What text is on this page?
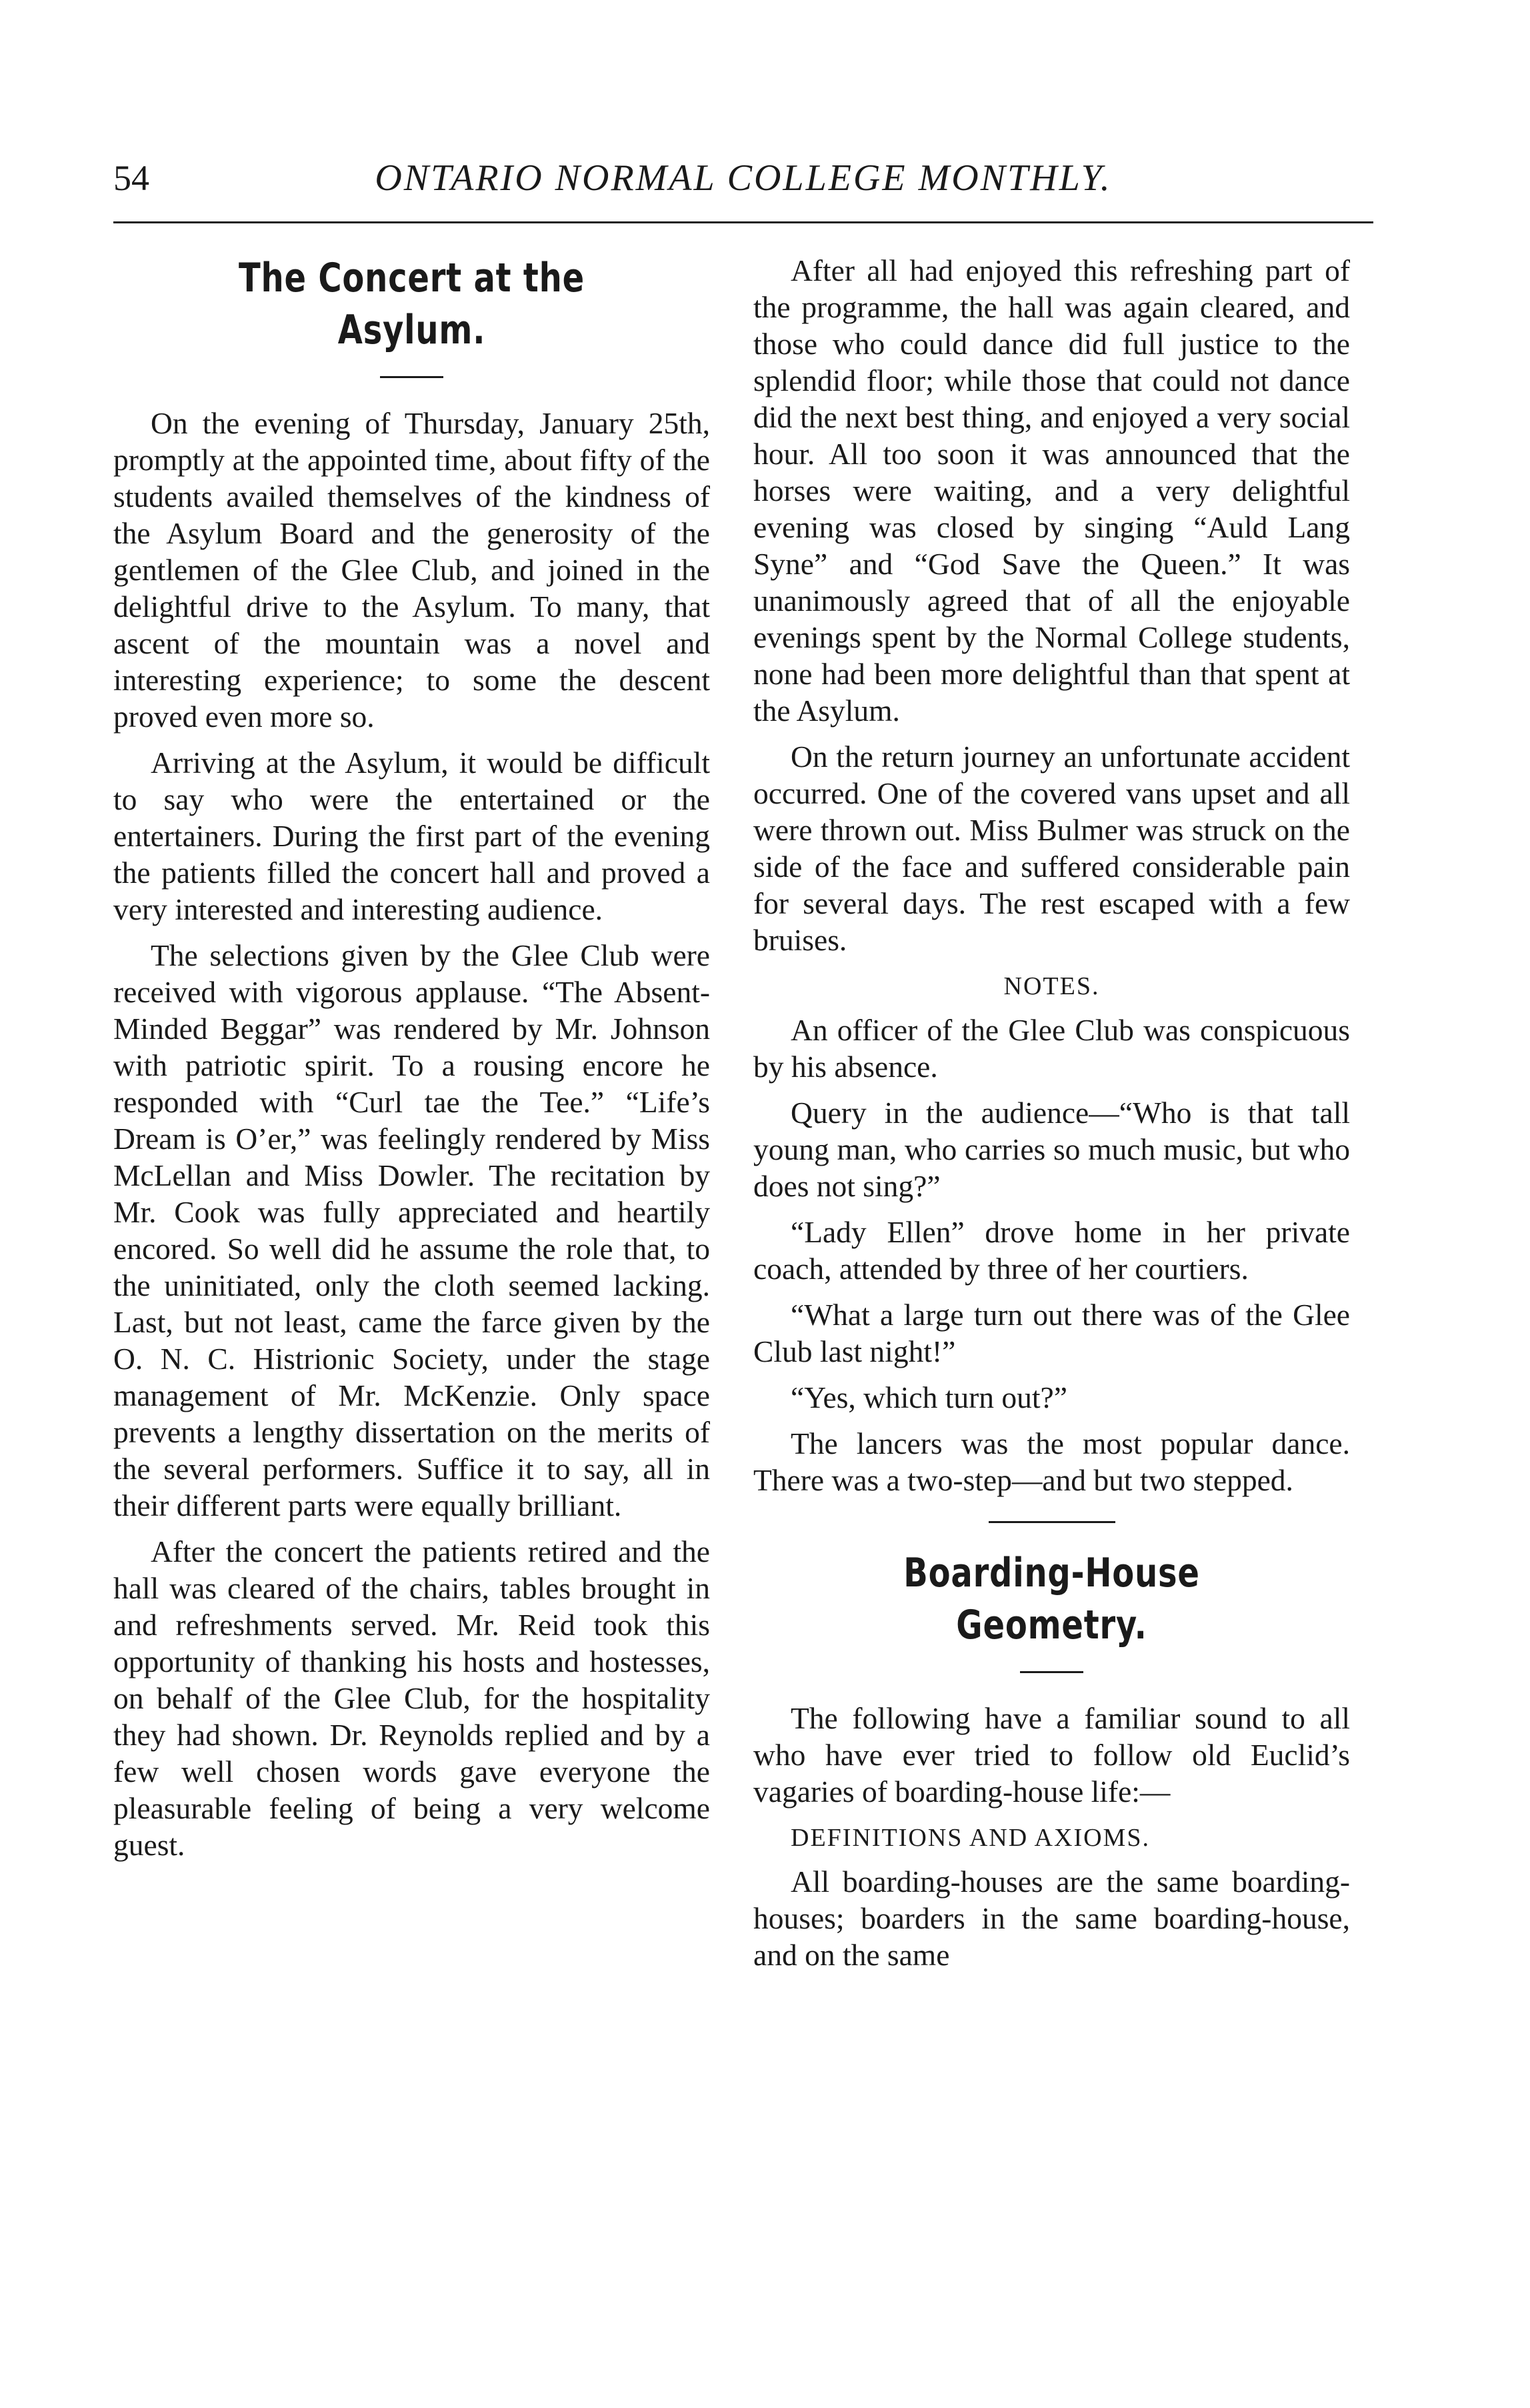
54	ONTARIO NORMAL COLLEGE MONTHLY.
The Concert at the Asylum.

On the evening of Thursday, January 25th, promptly at the appointed time, about fifty of the students availed themselves of the kindness of the Asylum Board and the generosity of the gentlemen of the Glee Club, and joined in the delightful drive to the Asylum. To many, that ascent of the mountain was a novel and interesting experience; to some the descent proved even more so.

Arriving at the Asylum, it would be difficult to say who were the entertained or the entertainers. During the first part of the evening the patients filled the concert hall and proved a very interested and interesting audience.

The selections given by the Glee Club were received with vigorous applause. “The Absent-Minded Beggar” was rendered by Mr. Johnson with patriotic spirit. To a rousing encore he responded with “Curl tae the Tee.” “Life’s Dream is O’er,” was feelingly rendered by Miss McLellan and Miss Dowler. The recitation by Mr. Cook was fully appreciated and heartily encored. So well did he assume the role that, to the uninitiated, only the cloth seemed lacking. Last, but not least, came the farce given by the O. N. C. Histrionic Society, under the stage management of Mr. McKenzie. Only space prevents a lengthy dissertation on the merits of the several performers. Suffice it to say, all in their different parts were equally brilliant.

After the concert the patients retired and the hall was cleared of the chairs, tables brought in and refreshments served. Mr. Reid took this opportunity of thanking his hosts and hostesses, on behalf of the Glee Club, for the hospitality they had shown. Dr. Reynolds replied and by a few well chosen words gave everyone the pleasurable feeling of being a very welcome guest.

After all had enjoyed this refreshing part of the programme, the hall was again cleared, and those who could dance did full justice to the splendid floor; while those that could not dance did the next best thing, and enjoyed a very social hour. All too soon it was announced that the horses were waiting, and a very delightful evening was closed by singing “Auld Lang Syne” and “God Save the Queen.” It was unanimously agreed that of all the enjoyable evenings spent by the Normal College students, none had been more delightful than that spent at the Asylum.

On the return journey an unfortunate accident occurred. One of the covered vans upset and all were thrown out. Miss Bulmer was struck on the side of the face and suffered considerable pain for several days. The rest escaped with a few bruises.

NOTES.

An officer of the Glee Club was conspicuous by his absence.

Query in the audience—“Who is that tall young man, who carries so much music, but who does not sing?”

“Lady Ellen” drove home in her private coach, attended by three of her courtiers.

“What a large turn out there was of the Glee Club last night!”

“Yes, which turn out?”

The lancers was the most popular dance. There was a two-step—and but two stepped.

Boarding-House Geometry.

The following have a familiar sound to all who have ever tried to follow old Euclid’s vagaries of boarding-house life:—

DEFINITIONS AND AXIOMS.

All boarding-houses are the same boarding-houses; boarders in the same boarding-house, and on the same
